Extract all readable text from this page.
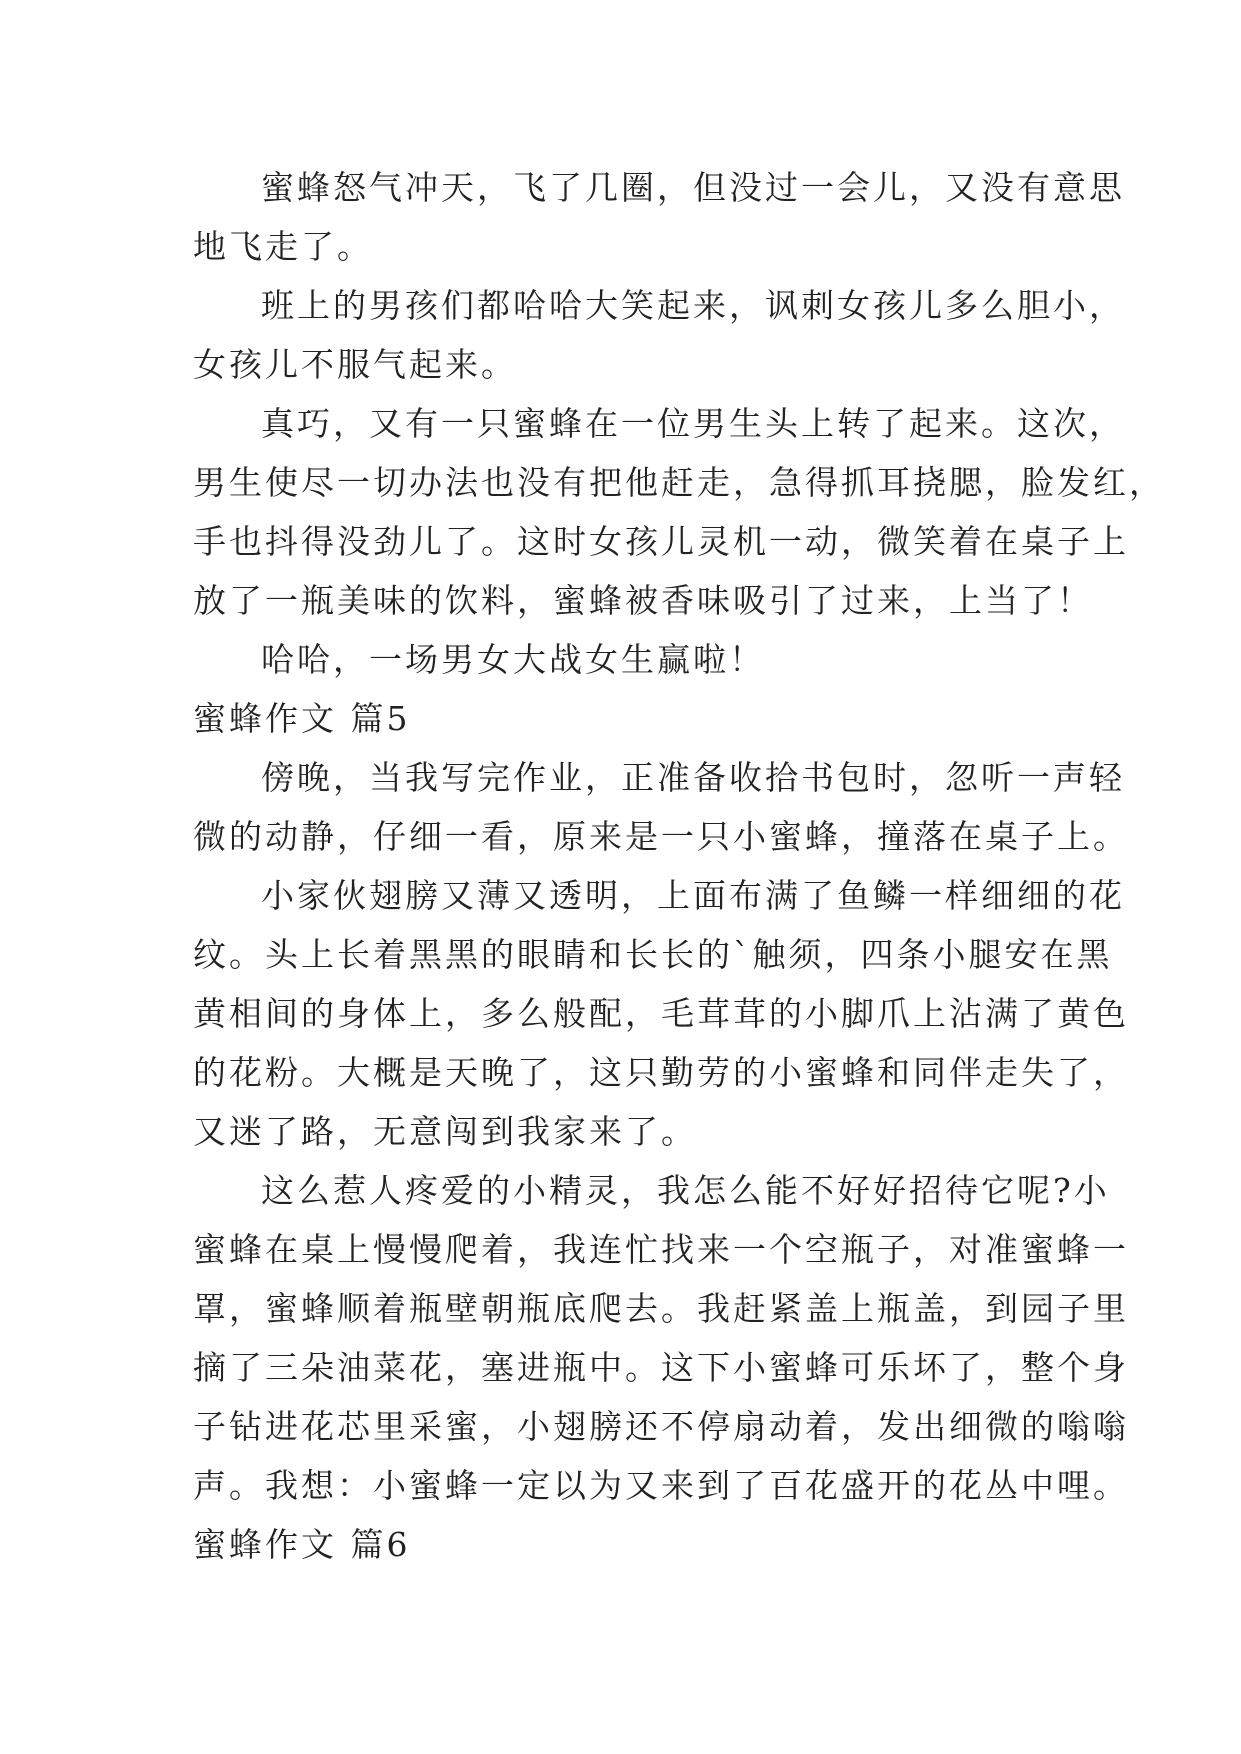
蜜蜂怒气冲天，飞了几圈，但没过一会儿，又没有意思
地飞走了。
班上的男孩们都哈哈大笑起来，讽刺女孩儿多么胆小，
女孩儿不服气起来。
真巧，又有一只蜜蜂在一位男生头上转了起来。这次，
男生使尽一切办法也没有把他赶走，急得抓耳挠腮，脸发红，
手也抖得没劲儿了。这时女孩儿灵机一动，微笑着在桌子上
放了一瓶美味的饮料，蜜蜂被香味吸引了过来，上当了！
哈哈，一场男女大战女生赢啦！
蜜蜂作文 篇5
傍晚，当我写完作业，正准备收拾书包时，忽听一声轻
微的动静，仔细一看，原来是一只小蜜蜂，撞落在桌子上。
小家伙翅膀又薄又透明，上面布满了鱼鳞一样细细的花
纹。头上长着黑黑的眼睛和长长的`触须，四条小腿安在黑
黄相间的身体上，多么般配，毛茸茸的小脚爪上沾满了黄色
的花粉。大概是天晚了，这只勤劳的小蜜蜂和同伴走失了，
又迷了路，无意闯到我家来了。
这么惹人疼爱的小精灵，我怎么能不好好招待它呢?小
蜜蜂在桌上慢慢爬着，我连忙找来一个空瓶子，对准蜜蜂一
罩，蜜蜂顺着瓶壁朝瓶底爬去。我赶紧盖上瓶盖，到园子里
摘了三朵油菜花，塞进瓶中。这下小蜜蜂可乐坏了，整个身
子钻进花芯里采蜜，小翅膀还不停扇动着，发出细微的嗡嗡
声。我想：小蜜蜂一定以为又来到了百花盛开的花丛中哩。
蜜蜂作文 篇6
